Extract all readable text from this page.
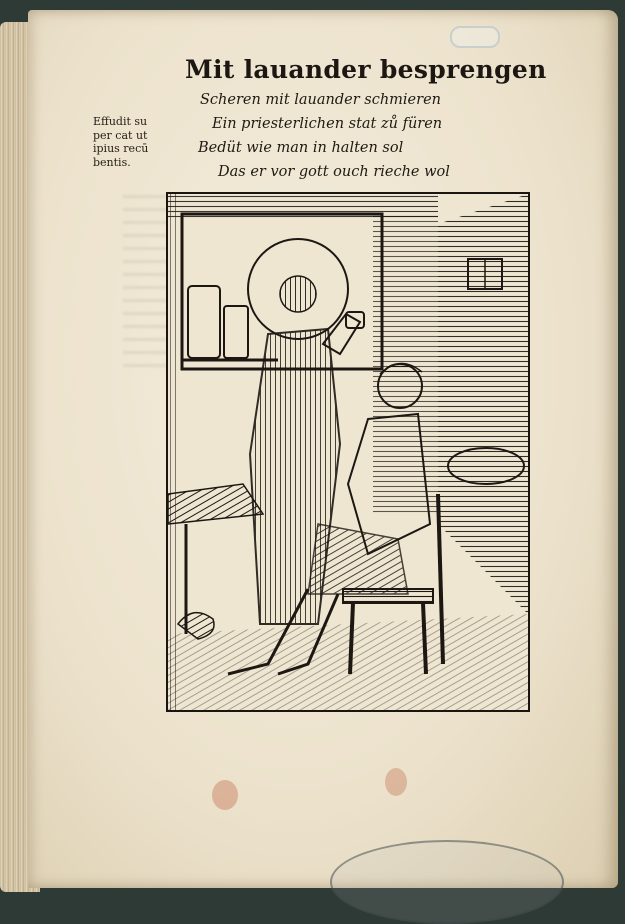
Mit lauander besprengen
Scheren mit lauander schmieren
Ein priesterlichen stat zů füren
Bedüt wie man in halten sol
Das er vor gott ouch rieche wol
Effudit su
per cat ut
ipius recū
bentis.
